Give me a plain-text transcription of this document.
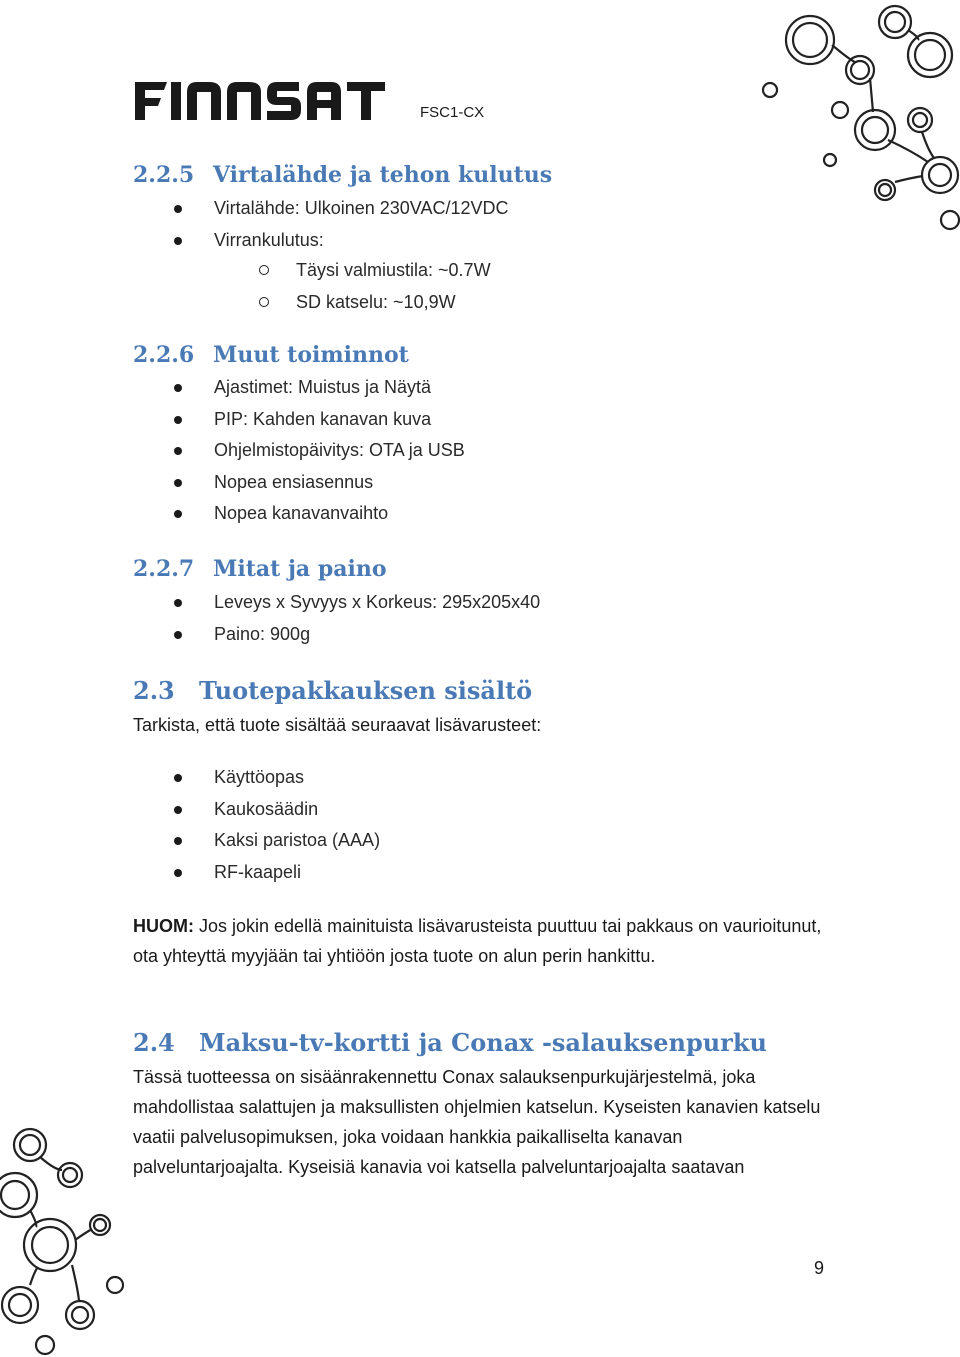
FSC1-CX
2.2.5 Virtalähde ja tehon kulutus
Virtalähde: Ulkoinen 230VAC/12VDC
Virrankulutus:
Täysi valmiustila: ~0.7W
SD katselu: ~10,9W
2.2.6 Muut toiminnot
Ajastimet: Muistus ja Näytä
PIP: Kahden kanavan kuva
Ohjelmistopäivitys: OTA ja USB
Nopea ensiasennus
Nopea kanavanvaihto
2.2.7 Mitat ja paino
Leveys x Syvyys x Korkeus: 295x205x40
Paino: 900g
2.3 Tuotepakkauksen sisältö
Tarkista, että tuote sisältää seuraavat lisävarusteet:
Käyttöopas
Kaukosäädin
Kaksi paristoa (AAA)
RF-kaapeli
HUOM: Jos jokin edellä mainituista lisävarusteista puuttuu tai pakkaus on vaurioitunut, ota yhteyttä myyjään tai yhtiöön josta tuote on alun perin hankittu.
2.4 Maksu-tv-kortti ja Conax -salauksenpurku
Tässä tuotteessa on sisäänrakennettu Conax salauksenpurkujärjestelmä, joka mahdollistaa salattujen ja maksullisten ohjelmien katselun. Kyseisten kanavien katselu vaatii palvelusopimuksen, joka voidaan hankkia paikalliselta kanavan palveluntarjoajalta. Kyseisiä kanavia voi katsella palveluntarjoajalta saatavan
9
